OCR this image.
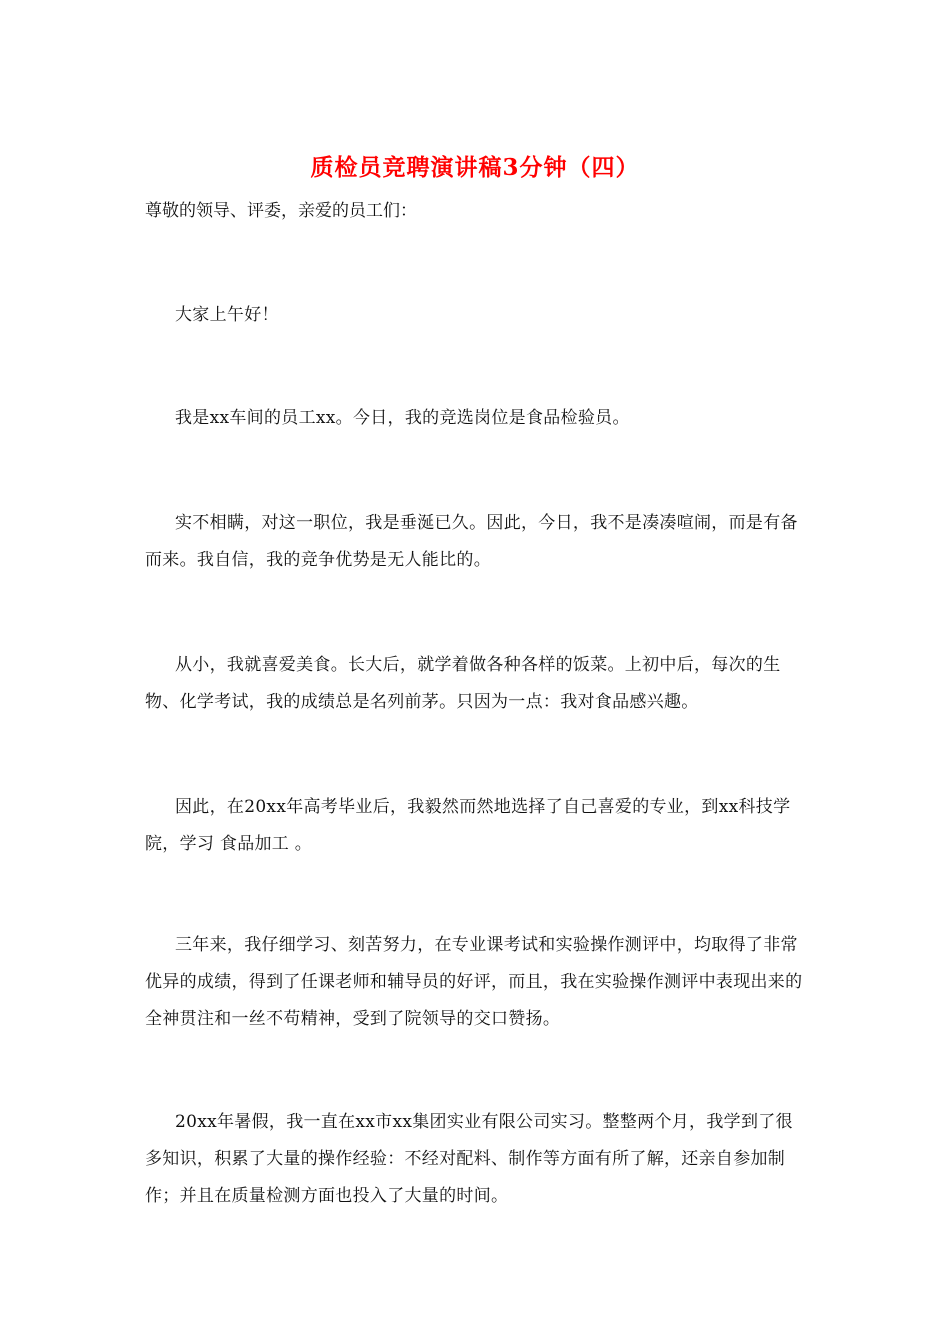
质检员竞聘演讲稿3分钟（四）
尊敬的领导、评委，亲爱的员工们：

大家上午好！

我是xx车间的员工xx。今日，我的竞选岗位是食品检验员。

实不相瞒，对这一职位，我是垂涎已久。因此，今日，我不是凑凑喧闹，而是有备而来。我自信，我的竞争优势是无人能比的。

从小，我就喜爱美食。长大后，就学着做各种各样的饭菜。上初中后，每次的生物、化学考试，我的成绩总是名列前茅。只因为一点：我对食品感兴趣。

因此，在20xx年高考毕业后，我毅然而然地选择了自己喜爱的专业，到xx科技学院，学习 食品加工 。

三年来，我仔细学习、刻苦努力，在专业课考试和实验操作测评中，均取得了非常优异的成绩，得到了任课老师和辅导员的好评，而且，我在实验操作测评中表现出来的全神贯注和一丝不苟精神，受到了院领导的交口赞扬。

20xx年暑假，我一直在xx市xx集团实业有限公司实习。整整两个月，我学到了很多知识，积累了大量的操作经验：不经对配料、制作等方面有所了解，还亲自参加制作；并且在质量检测方面也投入了大量的时间。
